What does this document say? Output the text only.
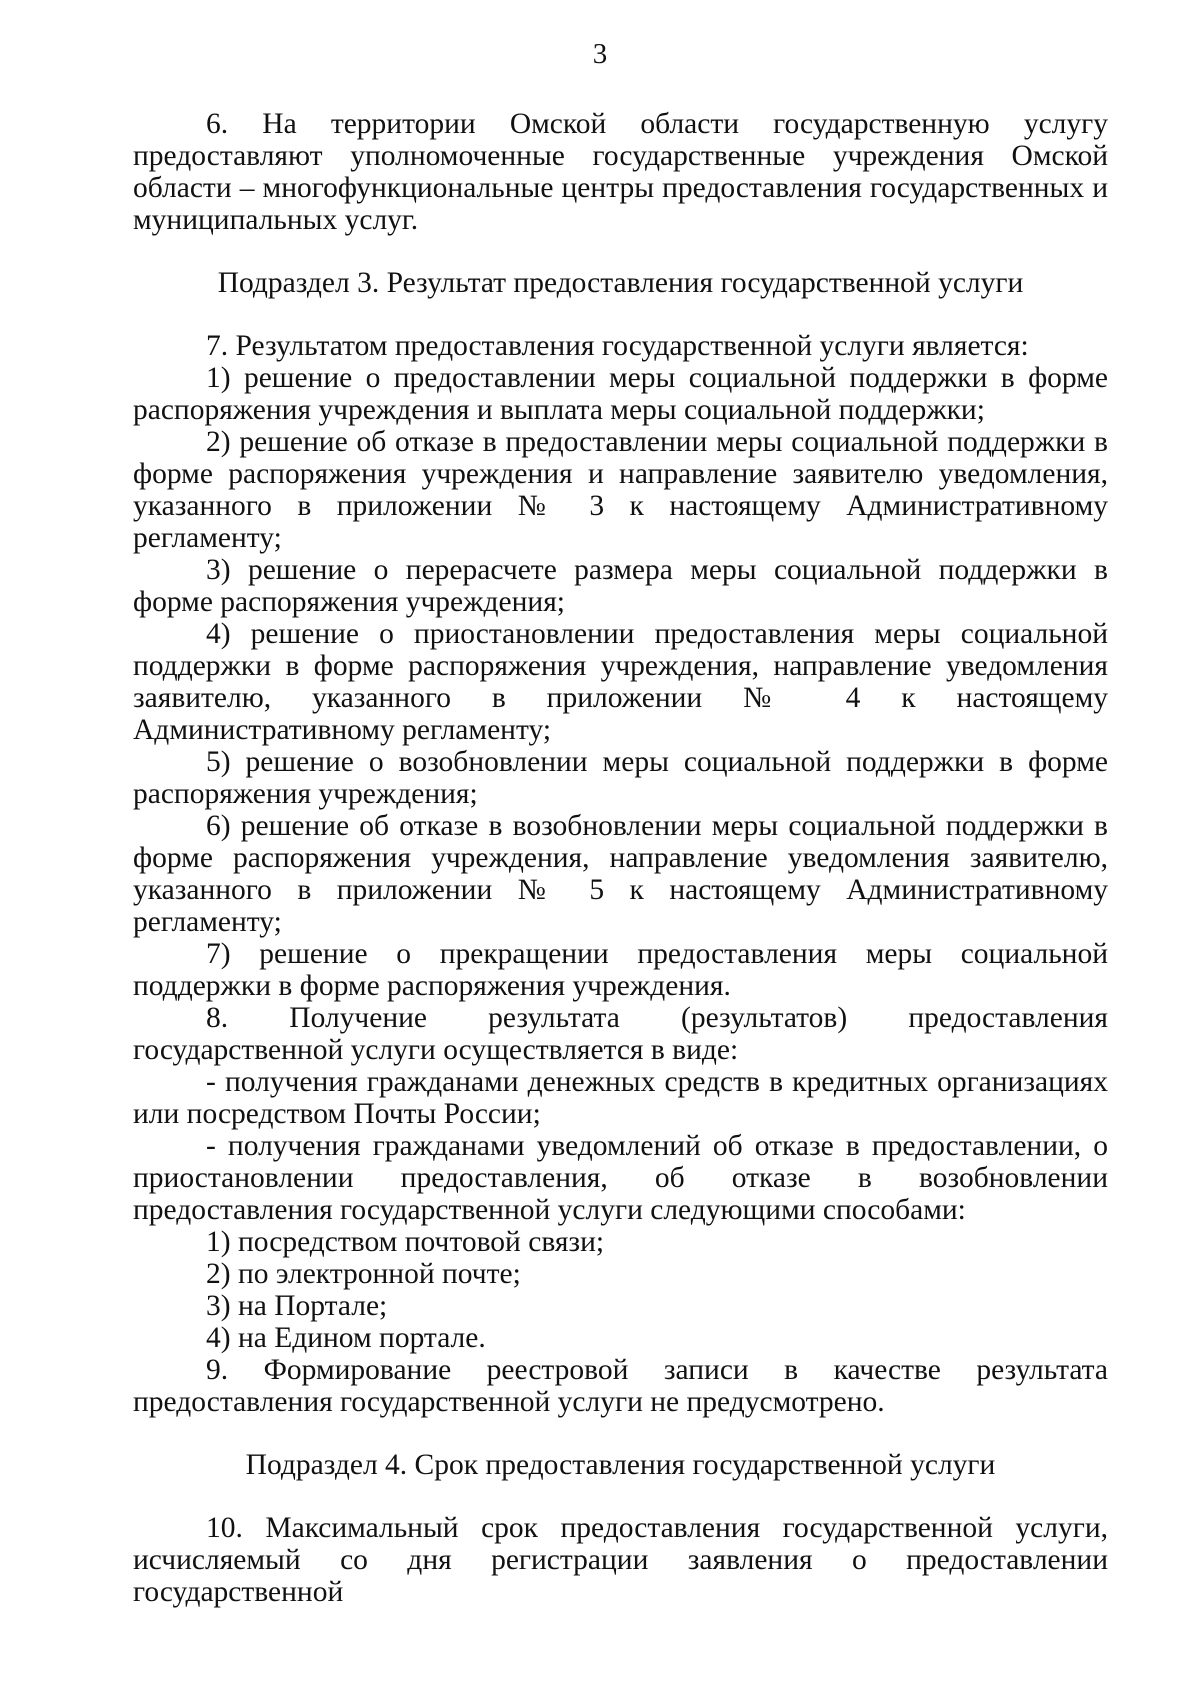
3

6. На территории Омской области государственную услугу предоставляют уполномоченные государственные учреждения Омской области – многофункциональные центры предоставления государственных и муниципальных услуг.

Подраздел 3. Результат предоставления государственной услуги

7. Результатом предоставления государственной услуги является:

1) решение о предоставлении меры социальной поддержки в форме распоряжения учреждения и выплата меры социальной поддержки;

2) решение об отказе в предоставлении меры социальной поддержки в форме распоряжения учреждения и направление заявителю уведомления, указанного в приложении № 3 к настоящему Административному регламенту;

3) решение о перерасчете размера меры социальной поддержки в форме распоряжения учреждения;

4) решение о приостановлении предоставления меры социальной поддержки в форме распоряжения учреждения, направление уведомления заявителю, указанного в приложении № 4 к настоящему Административному регламенту;

5) решение о возобновлении меры социальной поддержки в форме распоряжения учреждения;

6) решение об отказе в возобновлении меры социальной поддержки в форме распоряжения учреждения, направление уведомления заявителю, указанного в приложении № 5 к настоящему Административному регламенту;

7) решение о прекращении предоставления меры социальной поддержки в форме распоряжения учреждения.

8. Получение результата (результатов) предоставления государственной услуги осуществляется в виде:

- получения гражданами денежных средств в кредитных организациях или посредством Почты России;

- получения гражданами уведомлений об отказе в предоставлении, о приостановлении предоставления, об отказе в возобновлении предоставления государственной услуги следующими способами:

1) посредством почтовой связи;

2) по электронной почте;

3) на Портале;

4) на Едином портале.

9. Формирование реестровой записи в качестве результата предоставления государственной услуги не предусмотрено.

Подраздел 4. Срок предоставления государственной услуги

10. Максимальный срок предоставления государственной услуги, исчисляемый со дня регистрации заявления о предоставлении государственной
